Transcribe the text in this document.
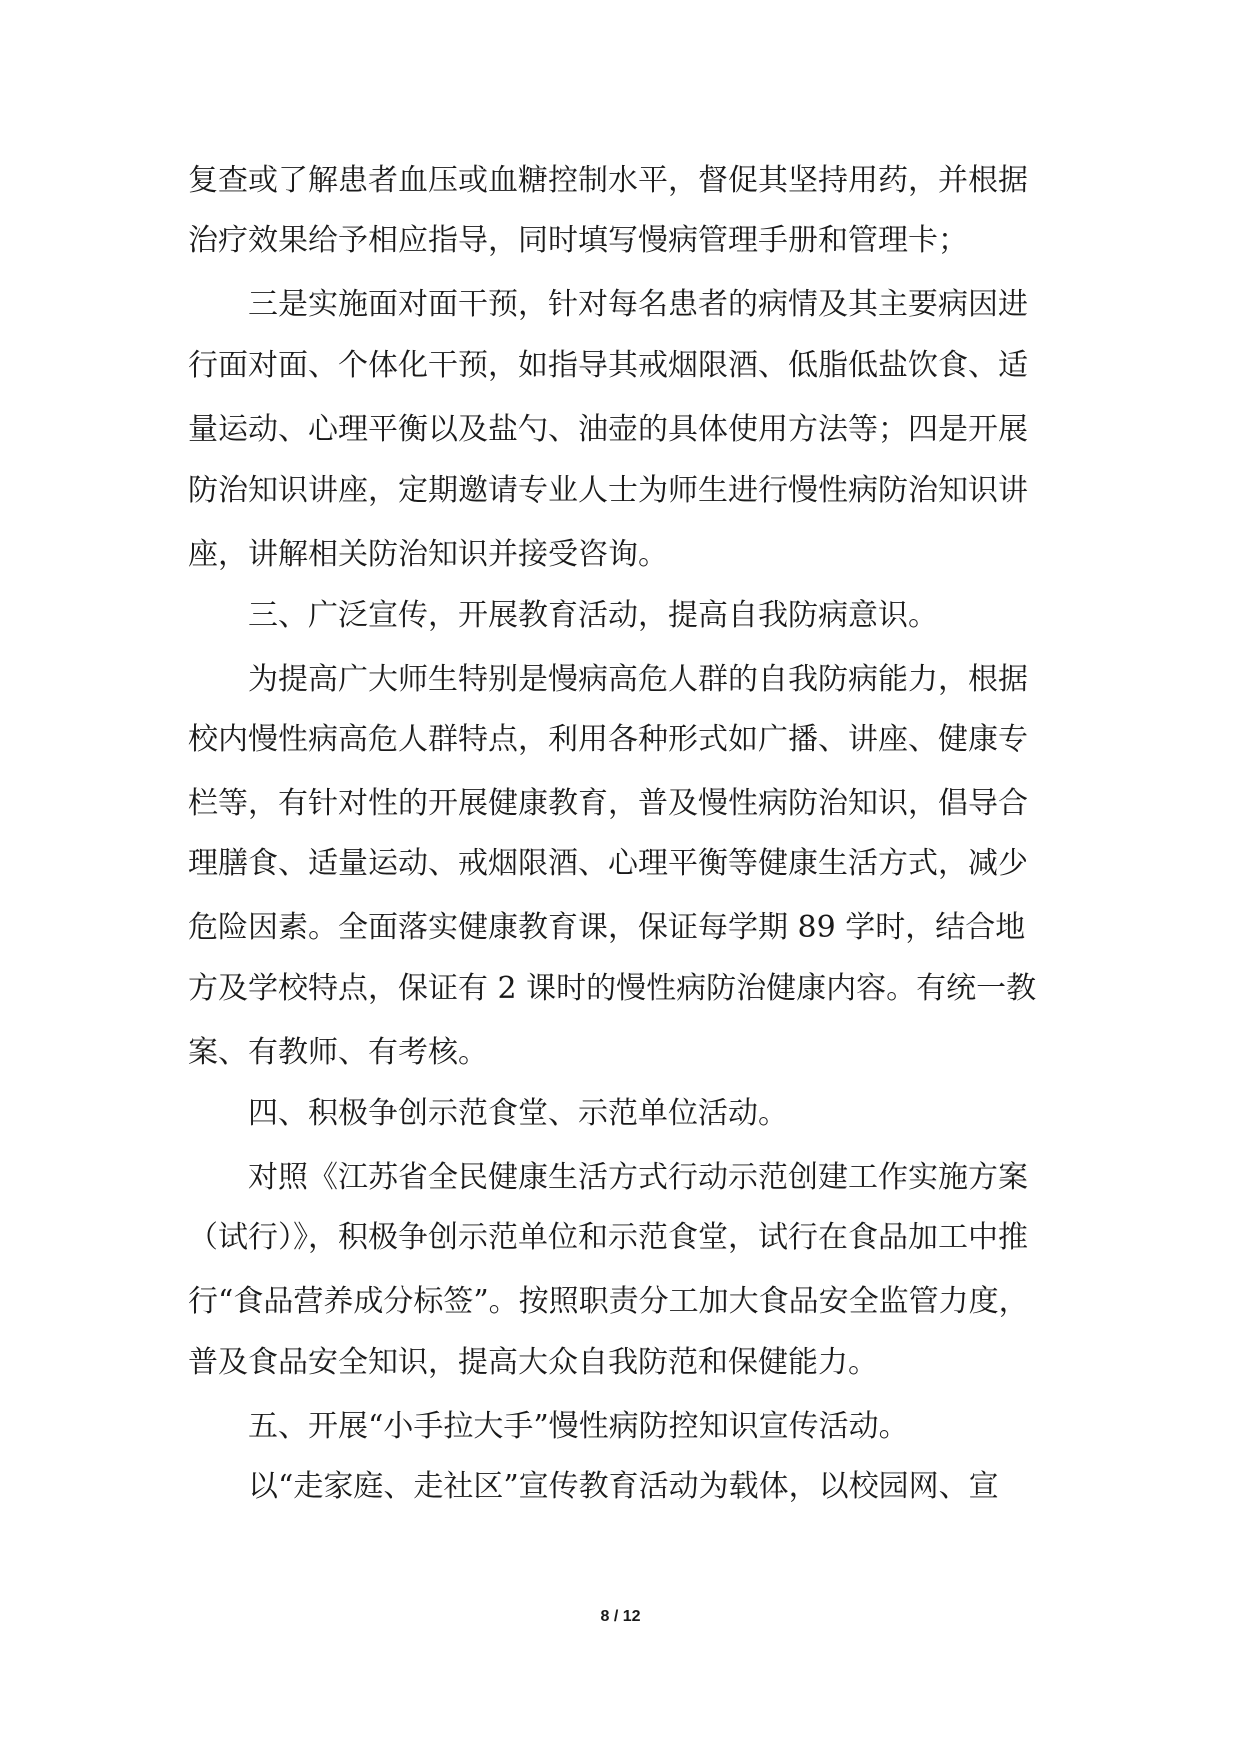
复查或了解患者血压或血糖控制水平，督促其坚持用药，并根据
治疗效果给予相应指导，同时填写慢病管理手册和管理卡；
　　三是实施面对面干预，针对每名患者的病情及其主要病因进
行面对面、个体化干预，如指导其戒烟限酒、低脂低盐饮食、适
量运动、心理平衡以及盐勺、油壶的具体使用方法等；四是开展
防治知识讲座，定期邀请专业人士为师生进行慢性病防治知识讲
座，讲解相关防治知识并接受咨询。
　　三、广泛宣传，开展教育活动，提高自我防病意识。
　　为提高广大师生特别是慢病高危人群的自我防病能力，根据
校内慢性病高危人群特点，利用各种形式如广播、讲座、健康专
栏等，有针对性的开展健康教育，普及慢性病防治知识，倡导合
理膳食、适量运动、戒烟限酒、心理平衡等健康生活方式，减少
危险因素。全面落实健康教育课，保证每学期 89 学时，结合地
方及学校特点，保证有 2 课时的慢性病防治健康内容。有统一教
案、有教师、有考核。
　　四、积极争创示范食堂、示范单位活动。
　　对照《江苏省全民健康生活方式行动示范创建工作实施方案
（试行）》，积极争创示范单位和示范食堂，试行在食品加工中推
行“食品营养成分标签”。按照职责分工加大食品安全监管力度，
普及食品安全知识，提高大众自我防范和保健能力。
　　五、开展“小手拉大手”慢性病防控知识宣传活动。
　　以“走家庭、走社区”宣传教育活动为载体，以校园网、宣
8 / 12
